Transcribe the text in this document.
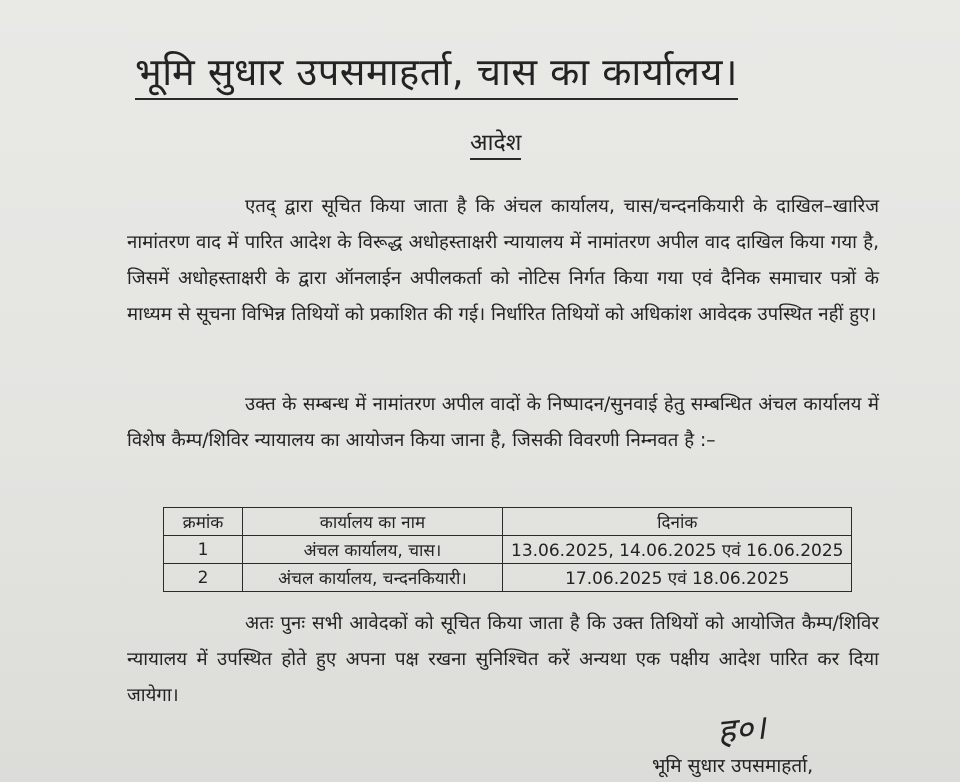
भूमि सुधार उपसमाहर्ता, चास का कार्यालय।
आदेश

एतद् द्वारा सूचित किया जाता है कि अंचल कार्यालय, चास/चन्दनकियारी के दाखिल–खारिज नामांतरण वाद में पारित आदेश के विरूद्ध अधोहस्ताक्षरी न्यायालय में नामांतरण अपील वाद दाखिल किया गया है, जिसमें अधोहस्ताक्षरी के द्वारा ऑनलाईन अपीलकर्ता को नोटिस निर्गत किया गया एवं दैनिक समाचार पत्रों के माध्यम से सूचना विभिन्न तिथियों को प्रकाशित की गई। निर्धारित तिथियों को अधिकांश आवेदक उपस्थित नहीं हुए।

उक्त के सम्बन्ध में नामांतरण अपील वादों के निष्पादन/सुनवाई हेतु सम्बन्धित अंचल कार्यालय में विशेष कैम्प/शिविर न्यायालय का आयोजन किया जाना है, जिसकी विवरणी निम्नवत है :–

क्रमांक	कार्यालय का नाम	दिनांक
1	अंचल कार्यालय, चास।	13.06.2025, 14.06.2025 एवं 16.06.2025
2	अंचल कार्यालय, चन्दनकियारी।	17.06.2025 एवं 18.06.2025

अतः पुनः सभी आवेदकों को सूचित किया जाता है कि उक्त तिथियों को आयोजित कैम्प/शिविर न्यायालय में उपस्थित होते हुए अपना पक्ष रखना सुनिश्चित करें अन्यथा एक पक्षीय आदेश पारित कर दिया जायेगा।

ह०।
भूमि सुधार उपसमाहर्ता,
